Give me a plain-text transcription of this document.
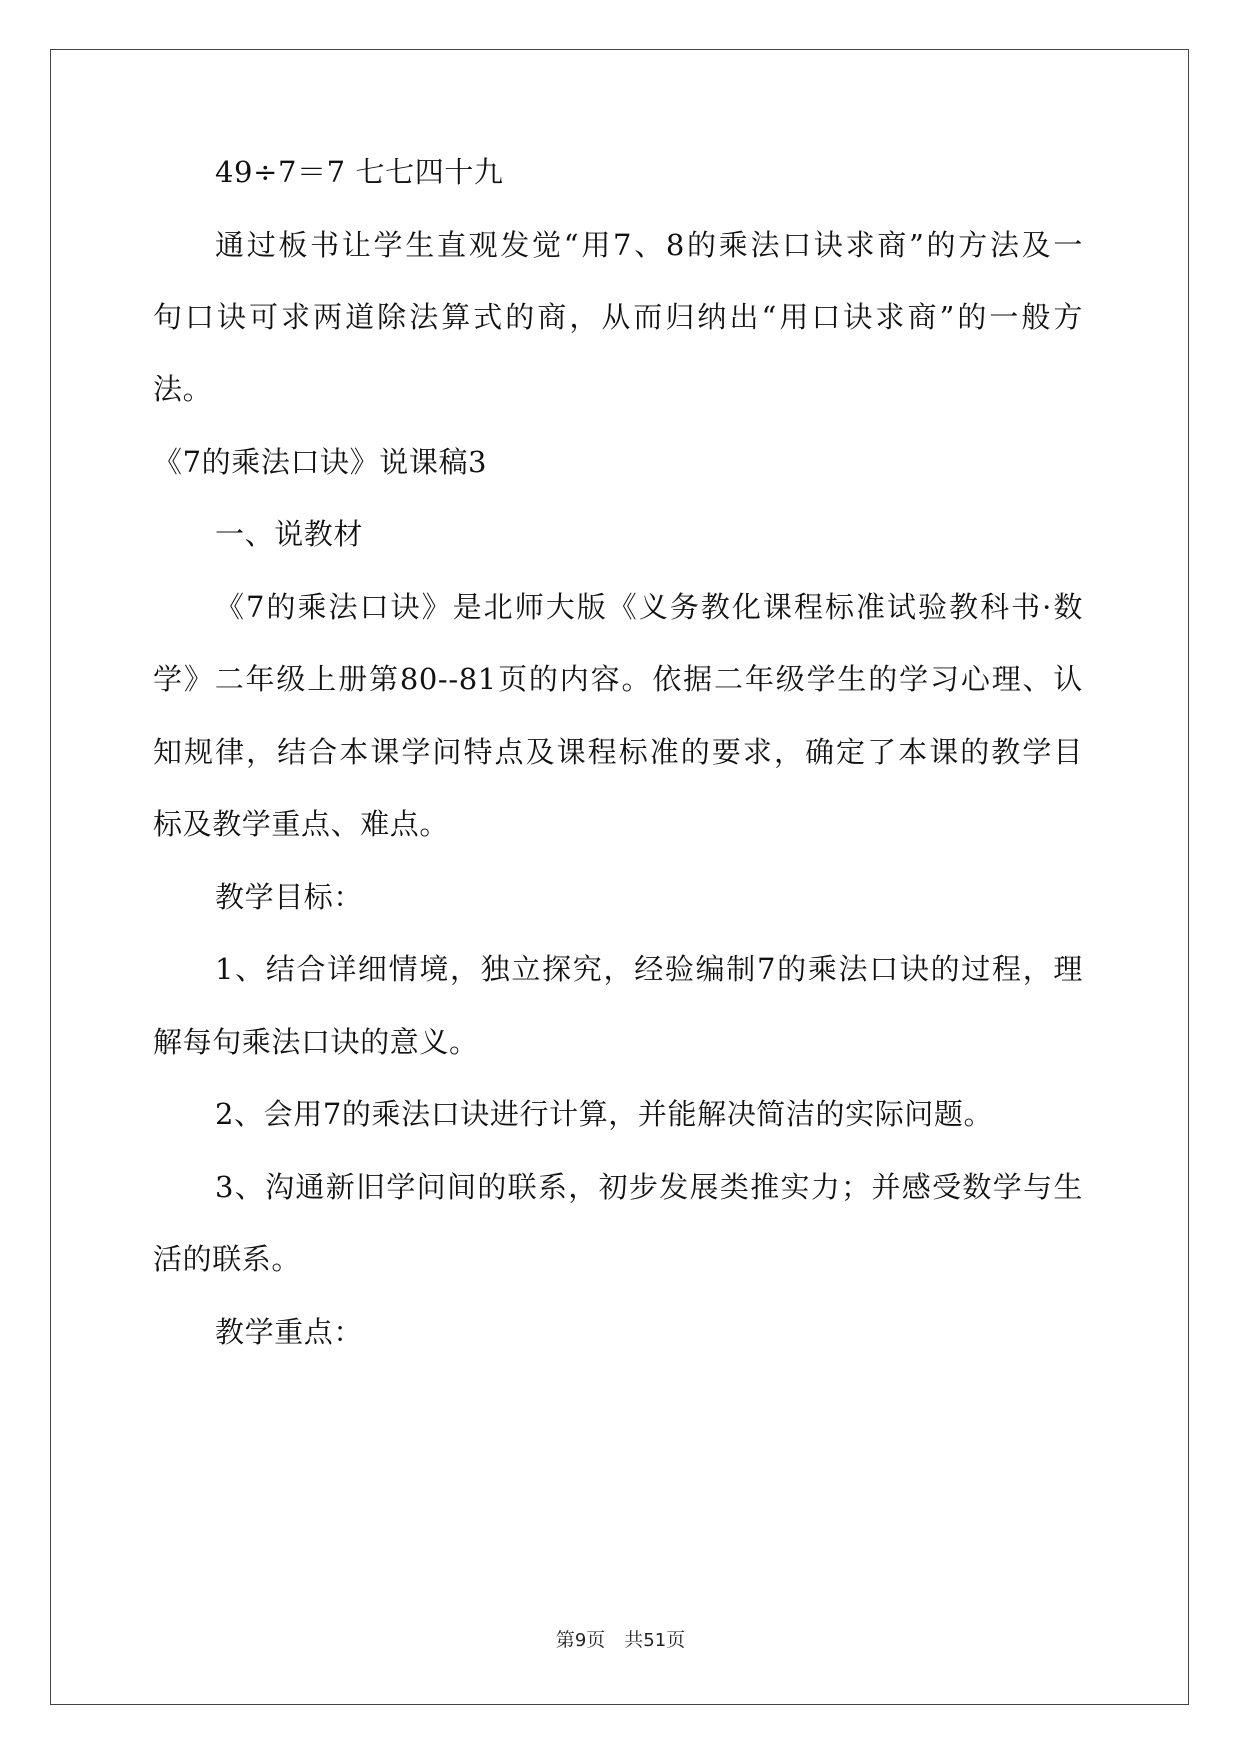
49÷7＝7 七七四十九
通过板书让学生直观发觉“用7、8的乘法口诀求商”的方法及一
句口诀可求两道除法算式的商，从而归纳出“用口诀求商”的一般方
法。
《7的乘法口诀》说课稿3
一、说教材
《7的乘法口诀》是北师大版《义务教化课程标准试验教科书·数
学》二年级上册第80--81页的内容。依据二年级学生的学习心理、认
知规律，结合本课学问特点及课程标准的要求，确定了本课的教学目
标及教学重点、难点。
教学目标：
1、结合详细情境，独立探究，经验编制7的乘法口诀的过程，理
解每句乘法口诀的意义。
2、会用7的乘法口诀进行计算，并能解决简洁的实际问题。
3、沟通新旧学问间的联系，初步发展类推实力；并感受数学与生
活的联系。
教学重点：
第9页　共51页
